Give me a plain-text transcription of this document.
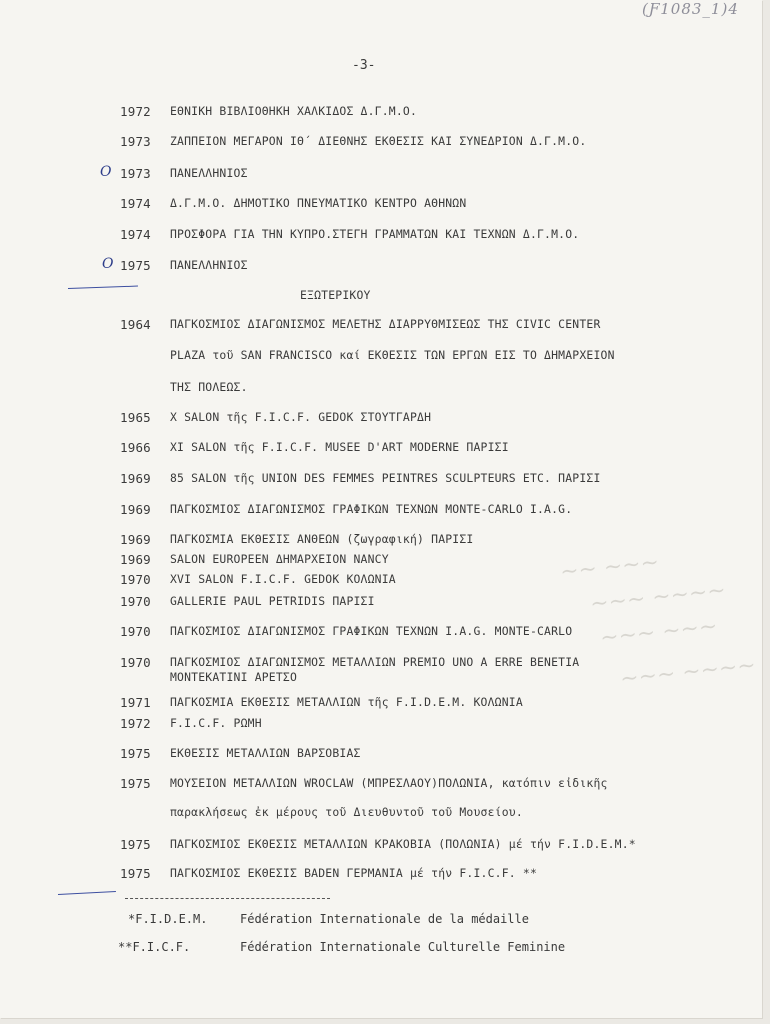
(Ƒ1083_1)4
-3-
~~ ~~~
~~~ ~~~~
~~~ ~~~
~~~ ~~~~
1972 ΕΘΝΙΚΗ ΒΙΒΛΙΟΘΗΚΗ ΧΑΛΚΙΔΟΣ Δ.Γ.Μ.Ο.
1973 ΖΑΠΠΕΙΟΝ ΜΕΓΑΡΟΝ ΙΘ΄ ΔΙΕΘΝΗΣ ΕΚΘΕΣΙΣ ΚΑΙ ΣΥΝΕΔΡΙΟΝ Δ.Γ.Μ.Ο.
O 1973 ΠΑΝΕΛΛΗΝΙΟΣ
1974 Δ.Γ.Μ.Ο. ΔΗΜΟΤΙΚΟ ΠΝΕΥΜΑΤΙΚΟ ΚΕΝΤΡΟ ΑΘΗΝΩΝ
1974 ΠΡΟΣΦΟΡΑ ΓΙΑ ΤΗΝ ΚΥΠΡΟ.ΣΤΕΓΗ ΓΡΑΜΜΑΤΩΝ ΚΑΙ ΤΕΧΝΩΝ Δ.Γ.Μ.Ο.
O 1975 ΠΑΝΕΛΛΗΝΙΟΣ
ΕΞΩΤΕΡΙΚΟΥ
1964 ΠΑΓΚΟΣΜΙΟΣ ΔΙΑΓΩΝΙΣΜΟΣ ΜΕΛΕΤΗΣ ΔΙΑΡΡΥΘΜΙΣΕΩΣ ΤΗΣ CIVIC CENTER
PLAZA τοῦ SAN FRANCISCO καί ΕΚΘΕΣΙΣ ΤΩΝ ΕΡΓΩΝ ΕΙΣ ΤΟ ΔΗΜΑΡΧΕΙΟΝ
ΤΗΣ ΠΟΛΕΩΣ.
1965 X SALON τῆς F.I.C.F. GEDOK ΣΤΟΥΤΓΑΡΔΗ
1966 XI SALON τῆς F.I.C.F. MUSEE D'ART MODERNE ΠΑΡΙΣΙ
1969 85 SALON τῆς UNION DES FEMMES PEINTRES SCULPTEURS ETC. ΠΑΡΙΣΙ
1969 ΠΑΓΚΟΣΜΙΟΣ ΔΙΑΓΩΝΙΣΜΟΣ ΓΡΑΦΙΚΩΝ ΤΕΧΝΩΝ MONTE-CARLO I.A.G.
1969 ΠΑΓΚΟΣΜΙΑ ΕΚΘΕΣΙΣ ΑΝΘΕΩΝ (ζωγραφική) ΠΑΡΙΣΙ
1969 SALON EUROPEEN ΔΗΜΑΡΧΕΙΟΝ NANCY
1970 XVI SALON F.I.C.F. GEDOK ΚΟΛΩΝΙΑ
1970 GALLERIE PAUL PETRIDIS ΠΑΡΙΣΙ
1970 ΠΑΓΚΟΣΜΙΟΣ ΔΙΑΓΩΝΙΣΜΟΣ ΓΡΑΦΙΚΩΝ ΤΕΧΝΩΝ I.A.G. MONTE-CARLO
1970 ΠΑΓΚΟΣΜΙΟΣ ΔΙΑΓΩΝΙΣΜΟΣ ΜΕΤΑΛΛΙΩΝ PREMIO UNO A ERRE ΒΕΝΕΤΙΑ
MONTEKATINI ΑΡΕΤΣΟ
1971 ΠΑΓΚΟΣΜΙΑ ΕΚΘΕΣΙΣ ΜΕΤΑΛΛΙΩΝ τῆς F.I.D.E.M. ΚΟΛΩΝΙΑ
1972 F.I.C.F. ΡΩΜΗ
1975 ΕΚΘΕΣΙΣ ΜΕΤΑΛΛΙΩΝ ΒΑΡΣΟΒΙΑΣ
1975 ΜΟΥΣΕΙΟΝ ΜΕΤΑΛΛΙΩΝ WROCLAW (ΜΠΡΕΣΛΑΟΥ)ΠΟΛΩΝΙΑ, κατόπιν εἰδικῆς
παρακλήσεως ἐκ μέρους τοῦ Διευθυντοῦ τοῦ Μουσείου.
1975 ΠΑΓΚΟΣΜΙΟΣ ΕΚΘΕΣΙΣ ΜΕΤΑΛΛΙΩΝ ΚΡΑΚΟΒΙΑ (ΠΟΛΩΝΙΑ) μέ τήν F.I.D.E.M.*
1975 ΠΑΓΚΟΣΜΙΟΣ ΕΚΘΕΣΙΣ BADEN ΓΕΡΜΑΝΙΑ μέ τήν F.I.C.F. **
*F.I.D.E.M.	Fédération Internationale de la médaille
**F.I.C.F.	Fédération Internationale Culturelle Feminine
